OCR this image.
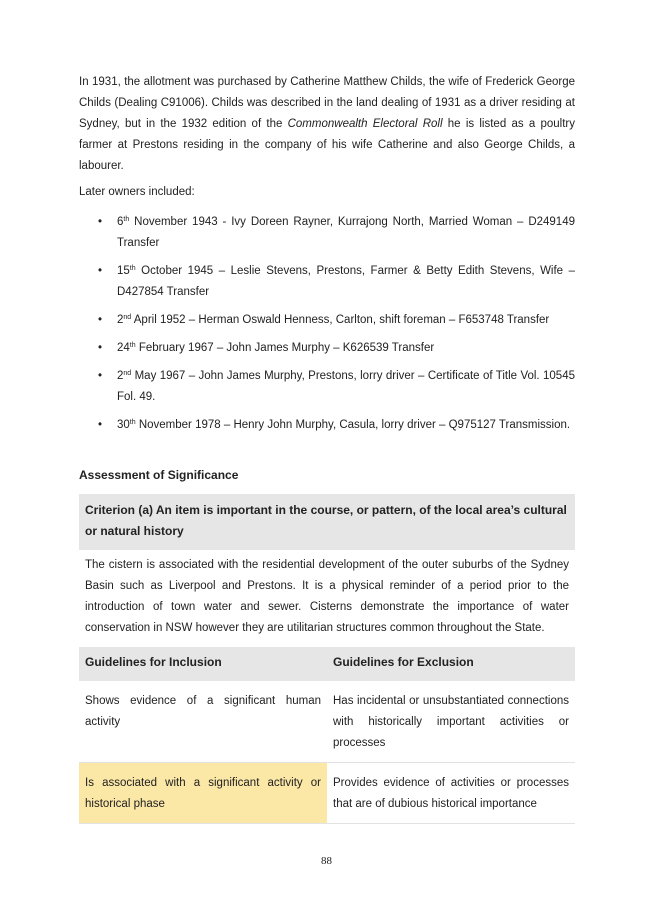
In 1931, the allotment was purchased by Catherine Matthew Childs, the wife of Frederick George Childs (Dealing C91006). Childs was described in the land dealing of 1931 as a driver residing at Sydney, but in the 1932 edition of the Commonwealth Electoral Roll he is listed as a poultry farmer at Prestons residing in the company of his wife Catherine and also George Childs, a labourer.

Later owners included:

• 6th November 1943 - Ivy Doreen Rayner, Kurrajong North, Married Woman – D249149 Transfer
• 15th October 1945 – Leslie Stevens, Prestons, Farmer & Betty Edith Stevens, Wife – D427854 Transfer
• 2nd April 1952 – Herman Oswald Henness, Carlton, shift foreman – F653748 Transfer
• 24th February 1967 – John James Murphy – K626539 Transfer
• 2nd May 1967 – John James Murphy, Prestons, lorry driver – Certificate of Title Vol. 10545 Fol. 49.
• 30th November 1978 – Henry John Murphy, Casula, lorry driver – Q975127 Transmission.
Assessment of Significance
Criterion (a) An item is important in the course, or pattern, of the local area’s cultural or natural history
The cistern is associated with the residential development of the outer suburbs of the Sydney Basin such as Liverpool and Prestons. It is a physical reminder of a period prior to the introduction of town water and sewer. Cisterns demonstrate the importance of water conservation in NSW however they are utilitarian structures common throughout the State.
Guidelines for Inclusion	Guidelines for Exclusion
Shows evidence of a significant human activity	Has incidental or unsubstantiated connections with historically important activities or processes
Is associated with a significant activity or historical phase	Provides evidence of activities or processes that are of dubious historical importance
88
